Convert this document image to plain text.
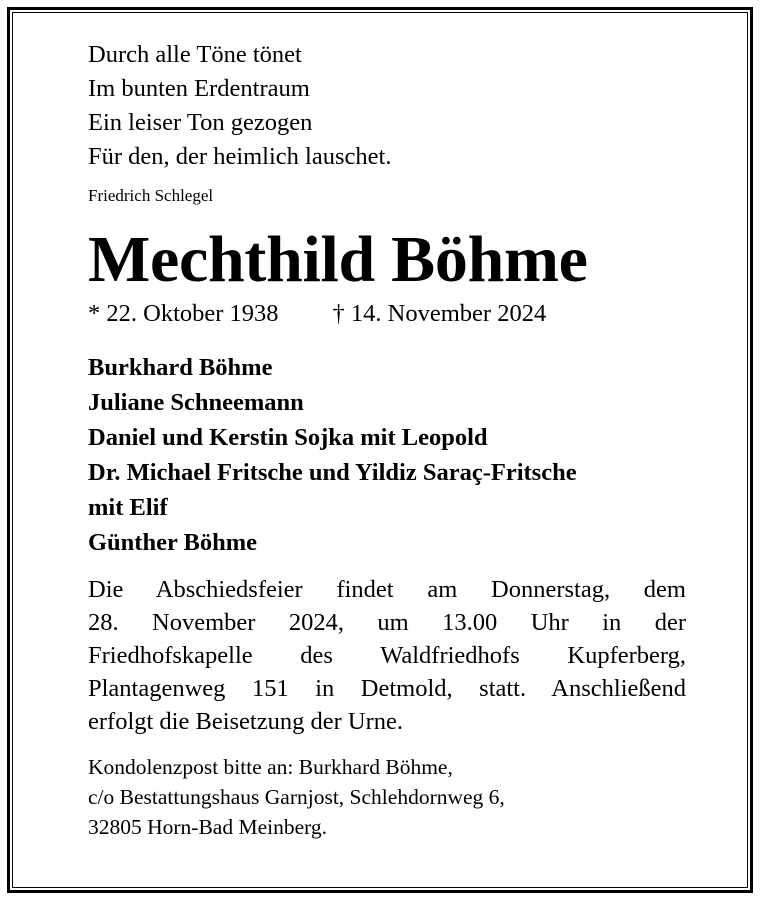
Durch alle Töne tönet
Im bunten Erdentraum
Ein leiser Ton gezogen
Für den, der heimlich lauschet.
Friedrich Schlegel
Mechthild Böhme
* 22. Oktober 1938 † 14. November 2024
Burkhard Böhme
Juliane Schneemann
Daniel und Kerstin Sojka mit Leopold
Dr. Michael Fritsche und Yildiz Saraç-Fritsche
mit Elif
Günther Böhme
Die Abschiedsfeier findet am Donnerstag, dem
28. November 2024, um 13.00 Uhr in der
Friedhofskapelle des Waldfriedhofs Kupferberg,
Plantagenweg 151 in Detmold, statt. Anschließend
erfolgt die Beisetzung der Urne.
Kondolenzpost bitte an: Burkhard Böhme,
c/o Bestattungshaus Garnjost, Schlehdornweg 6,
32805 Horn-Bad Meinberg.
